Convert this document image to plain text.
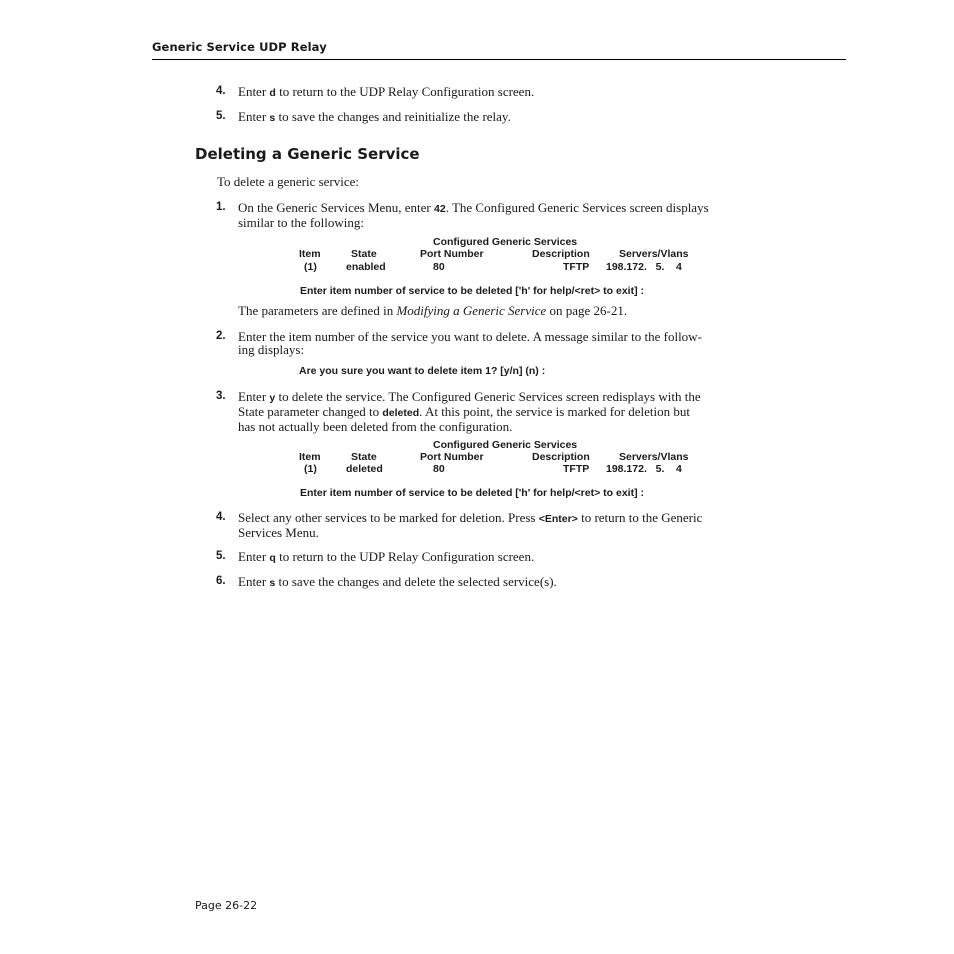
Generic Service UDP Relay
4. Enter d to return to the UDP Relay Configuration screen.
5. Enter s to save the changes and reinitialize the relay.
Deleting a Generic Service
To delete a generic service:
1. On the Generic Services Menu, enter 42. The Configured Generic Services screen displays
similar to the following:
Configured Generic Services
Item	State	Port Number	Description	Servers/Vlans
(1)	enabled	80	TFTP 198.172.   5.    4
Enter item number of service to be deleted ['h' for help/<ret> to exit] :
The parameters are defined in Modifying a Generic Service on page 26-21.
2. Enter the item number of the service you want to delete. A message similar to the follow-
ing displays:
Are you sure you want to delete item 1? [y/n] (n) :
3. Enter y to delete the service. The Configured Generic Services screen redisplays with the
State parameter changed to deleted. At this point, the service is marked for deletion but
has not actually been deleted from the configuration.
Configured Generic Services
Item	State	Port Number	Description	Servers/Vlans
(1)	deleted	80	TFTP 198.172.   5.    4
Enter item number of service to be deleted ['h' for help/<ret> to exit] :
4. Select any other services to be marked for deletion. Press <Enter> to return to the Generic
Services Menu.
5. Enter q to return to the UDP Relay Configuration screen.
6. Enter s to save the changes and delete the selected service(s).
Page 26-22
